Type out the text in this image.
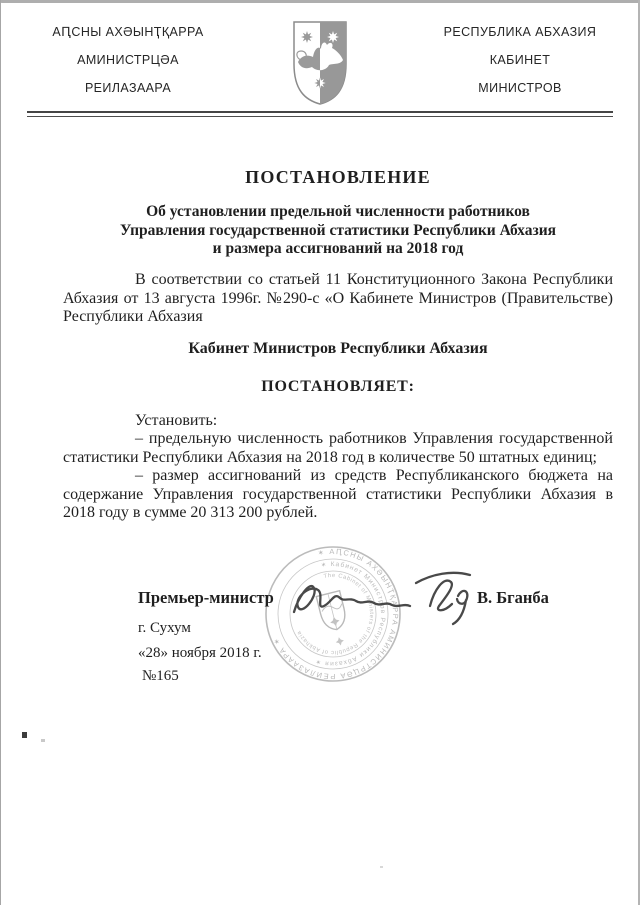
АԤСНЫ АХӘЫНҬҚАРРА
АМИНИСТРЦӘА
РЕИЛАЗААРА
РЕСПУБЛИКА АБХАЗИЯ
КАБИНЕТ
МИНИСТРОВ
ПОСТАНОВЛЕНИЕ
Об установлении предельной численности работников
Управления государственной статистики Республики Абхазия
и размера ассигнований на 2018 год
В соответствии со статьей 11 Конституционного Закона Республики Абхазия от 13 августа 1996г. №290-с «О Кабинете Министров (Правительстве) Республики Абхазия
Кабинет Министров Республики Абхазия
ПОСТАНОВЛЯЕТ:

Установить:

– предельную численность работников Управления государственной статистики Республики Абхазия на 2018 год в количестве 50 штатных единиц;

– размер ассигнований из средств Республиканского бюджета на содержание Управления государственной статистики Республики Абхазия в 2018 году в сумме 20 313 200 рублей.

✶ АԤСНЫ АХӘЫНҬҚАРРА АМИНИСТРЦӘА РЕИЛАЗААРА ✶
✶ Кабинет Министров Республики Абхазия ✶
The Cabinet of Ministers of the Republic of Abkhazia
Премьер-министр	В. Бганба
г. Сухум
«28» ноября 2018 г.
№165
